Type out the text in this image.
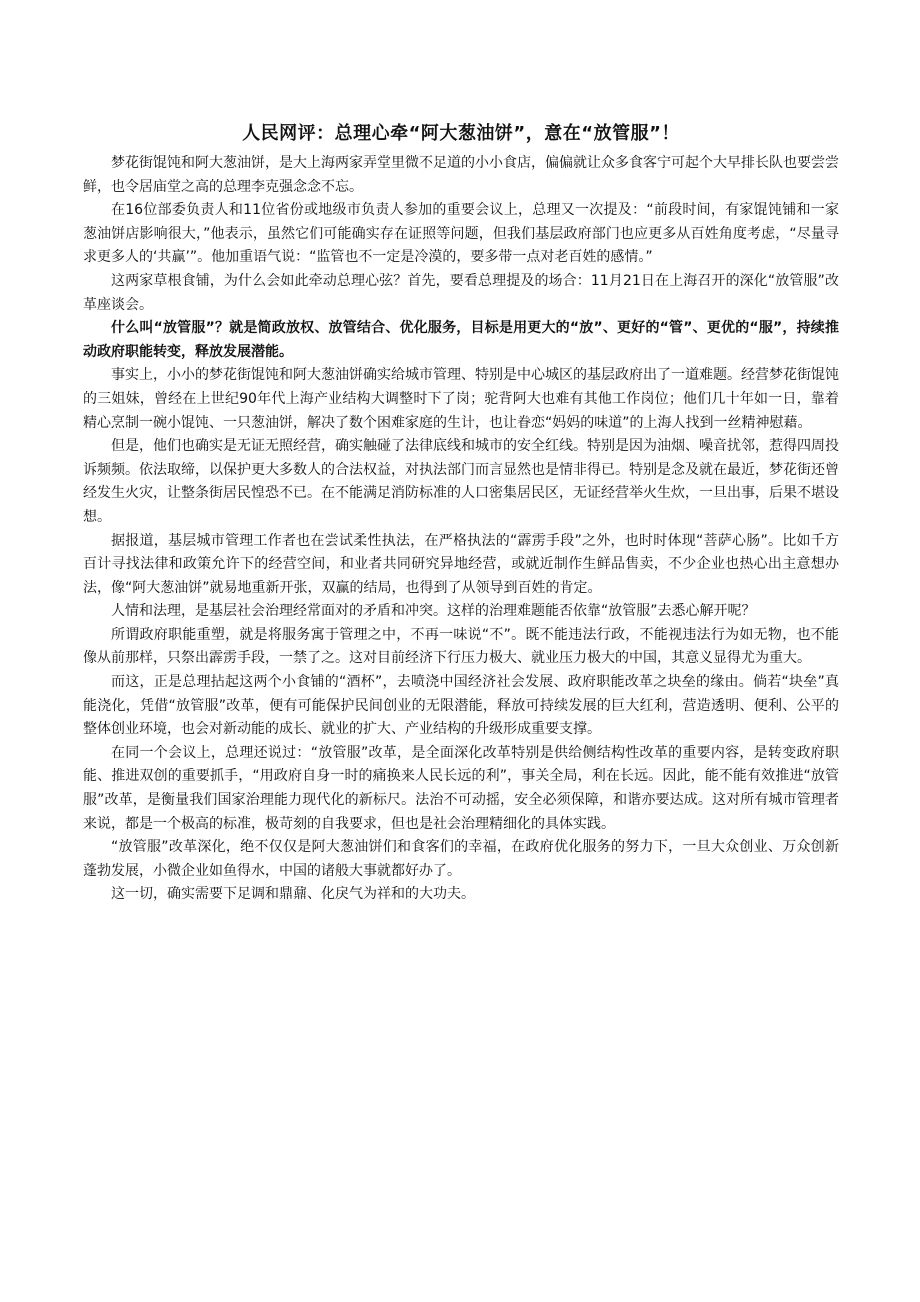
人民网评：总理心牵“阿大葱油饼”，意在“放管服”！

梦花街馄饨和阿大葱油饼，是大上海两家弄堂里微不足道的小小食店，偏偏就让众多食客宁可起个大早排长队也要尝尝鲜，也令居庙堂之高的总理李克强念念不忘。

在16位部委负责人和11位省份或地级市负责人参加的重要会议上，总理又一次提及：“前段时间，有家馄饨铺和一家葱油饼店影响很大，”他表示，虽然它们可能确实存在证照等问题，但我们基层政府部门也应更多从百姓角度考虑，“尽量寻求更多人的‘共赢’”。他加重语气说：“监管也不一定是冷漠的，要多带一点对老百姓的感情。”

这两家草根食铺，为什么会如此牵动总理心弦？首先，要看总理提及的场合：11月21日在上海召开的深化“放管服”改革座谈会。

什么叫“放管服”？就是简政放权、放管结合、优化服务，目标是用更大的“放”、更好的“管”、更优的“服”，持续推动政府职能转变，释放发展潜能。

事实上，小小的梦花街馄饨和阿大葱油饼确实给城市管理、特别是中心城区的基层政府出了一道难题。经营梦花街馄饨的三姐妹，曾经在上世纪90年代上海产业结构大调整时下了岗；驼背阿大也难有其他工作岗位；他们几十年如一日，靠着精心烹制一碗小馄饨、一只葱油饼，解决了数个困难家庭的生计，也让眷恋“妈妈的味道”的上海人找到一丝精神慰藉。

但是，他们也确实是无证无照经营，确实触碰了法律底线和城市的安全红线。特别是因为油烟、噪音扰邻，惹得四周投诉频频。依法取缔，以保护更大多数人的合法权益，对执法部门而言显然也是情非得已。特别是念及就在最近，梦花街还曾经发生火灾，让整条街居民惶恐不已。在不能满足消防标准的人口密集居民区，无证经营举火生炊，一旦出事，后果不堪设想。

据报道，基层城市管理工作者也在尝试柔性执法，在严格执法的“霹雳手段”之外，也时时体现“菩萨心肠”。比如千方百计寻找法律和政策允许下的经营空间，和业者共同研究异地经营，或就近制作生鲜品售卖，不少企业也热心出主意想办法，像“阿大葱油饼”就易地重新开张，双赢的结局，也得到了从领导到百姓的肯定。

人情和法理，是基层社会治理经常面对的矛盾和冲突。这样的治理难题能否依靠“放管服”去悉心解开呢？

所谓政府职能重塑，就是将服务寓于管理之中，不再一味说“不”。既不能违法行政，不能视违法行为如无物，也不能像从前那样，只祭出霹雳手段，一禁了之。这对目前经济下行压力极大、就业压力极大的中国，其意义显得尤为重大。

而这，正是总理拈起这两个小食铺的“酒杯”，去喷浇中国经济社会发展、政府职能改革之块垒的缘由。倘若“块垒”真能浇化，凭借“放管服”改革，便有可能保护民间创业的无限潜能，释放可持续发展的巨大红利，营造透明、便利、公平的整体创业环境，也会对新动能的成长、就业的扩大、产业结构的升级形成重要支撑。

在同一个会议上，总理还说过：“放管服”改革，是全面深化改革特别是供给侧结构性改革的重要内容，是转变政府职能、推进双创的重要抓手，“用政府自身一时的痛换来人民长远的利”，事关全局，利在长远。因此，能不能有效推进“放管服”改革，是衡量我们国家治理能力现代化的新标尺。法治不可动摇，安全必须保障，和谐亦要达成。这对所有城市管理者来说，都是一个极高的标准，极苛刻的自我要求，但也是社会治理精细化的具体实践。

“放管服”改革深化，绝不仅仅是阿大葱油饼们和食客们的幸福，在政府优化服务的努力下，一旦大众创业、万众创新蓬勃发展，小微企业如鱼得水，中国的诸般大事就都好办了。

这一切，确实需要下足调和鼎鼐、化戾气为祥和的大功夫。
